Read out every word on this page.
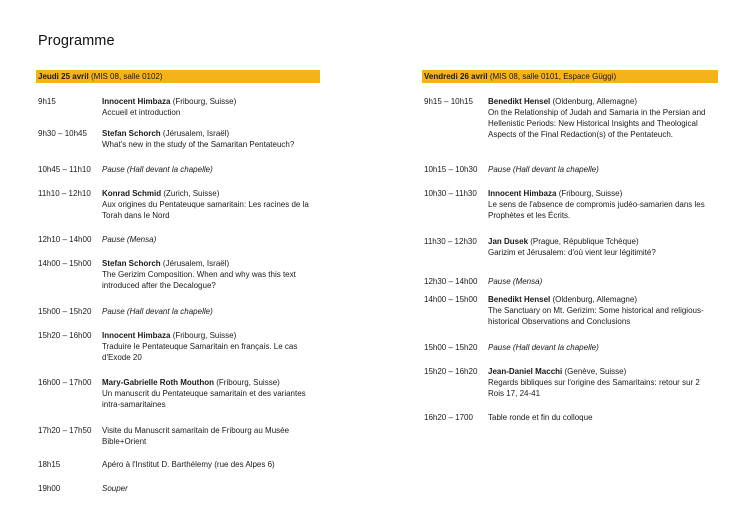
Programme
Jeudi 25 avril (MIS 08, salle 0102)
9h15	Innocent Himbaza (Fribourg, Suisse)
Accueil et introduction
9h30 – 10h45	Stefan Schorch (Jérusalem, Israël)
What's new in the study of the Samaritan Pentateuch?
10h45 – 11h10	Pause (Hall devant la chapelle)
11h10 – 12h10	Konrad Schmid (Zurich, Suisse)
Aux origines du Pentateuque samaritain: Les racines de la Torah dans le Nord
12h10 – 14h00	Pause (Mensa)
14h00 – 15h00	Stefan Schorch (Jérusalem, Israël)
The Gerizim Composition. When and why was this text introduced after the Decalogue?
15h00 – 15h20	Pause (Hall devant la chapelle)
15h20 – 16h00	Innocent Himbaza (Fribourg, Suisse)
Traduire le Pentateuque Samaritain en français. Le cas d'Exode 20
16h00 – 17h00	Mary-Gabrielle Roth Mouthon (Fribourg, Suisse)
Un manuscrit du Pentateuque samaritain et des variantes intra-samaritaines
17h20 – 17h50	Visite du Manuscrit samaritain de Fribourg au Musée Bible+Orient
18h15	Apéro à l'Institut D. Barthélemy (rue des Alpes 6)
19h00	Souper
Vendredi 26 avril (MIS 08, salle 0101, Espace Güggi)
9h15 – 10h15	Benedikt Hensel (Oldenburg, Allemagne)
On the Relationship of Judah and Samaria in the Persian and Hellenistic Periods: New Historical Insights and Theological Aspects of the Final Redaction(s) of the Pentateuch.
10h15 – 10h30	Pause (Hall devant la chapelle)
10h30 – 11h30	Innocent Himbaza (Fribourg, Suisse)
Le sens de l'absence de compromis judéo-samarien dans les Prophètes et les Écrits.
11h30 – 12h30	Jan Dusek (Prague, République Tchèque)
Garizim et Jérusalem: d'où vient leur légitimité?
12h30 – 14h00	Pause (Mensa)
14h00 – 15h00	Benedikt Hensel (Oldenburg, Allemagne)
The Sanctuary on Mt. Gerizim: Some historical and religious-historical Observations and Conclusions
15h00 – 15h20	Pause (Hall devant la chapelle)
15h20 – 16h20	Jean-Daniel Macchi (Genève, Suisse)
Regards bibliques sur l'origine des Samaritains: retour sur 2 Rois 17, 24-41
16h20 – 1700	Table ronde et fin du colloque
